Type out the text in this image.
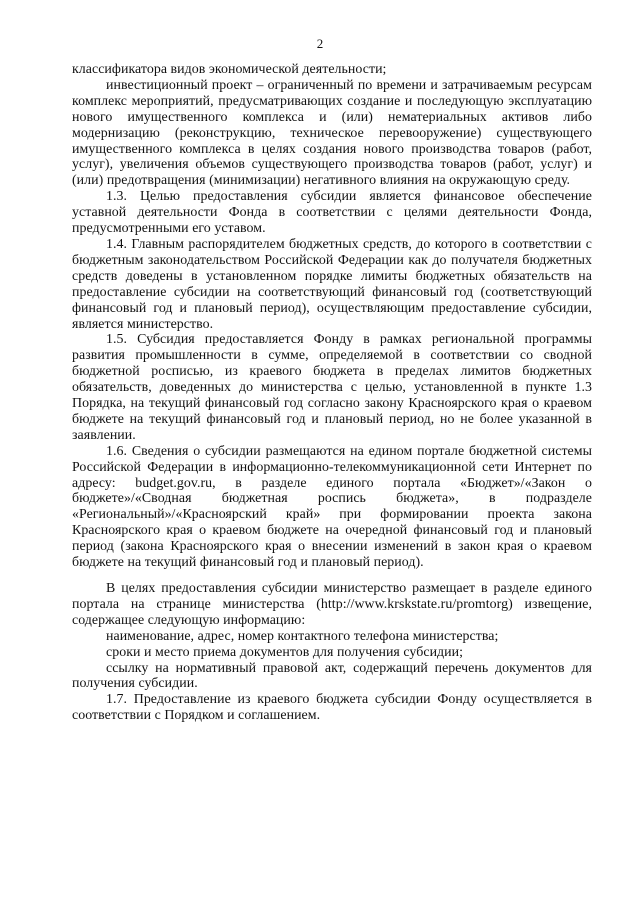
2

классификатора видов экономической деятельности;

инвестиционный проект – ограниченный по времени и затрачиваемым ресурсам комплекс мероприятий, предусматривающих создание и последующую эксплуатацию нового имущественного комплекса и (или) нематериальных активов либо модернизацию (реконструкцию, техническое перевооружение) существующего имущественного комплекса в целях создания нового производства товаров (работ, услуг), увеличения объемов существующего производства товаров (работ, услуг) и (или) предотвращения (минимизации) негативного влияния на окружающую среду.

1.3. Целью предоставления субсидии является финансовое обеспечение уставной деятельности Фонда в соответствии с целями деятельности Фонда, предусмотренными его уставом.

1.4. Главным распорядителем бюджетных средств, до которого в соответствии с бюджетным законодательством Российской Федерации как до получателя бюджетных средств доведены в установленном порядке лимиты бюджетных обязательств на предоставление субсидии на соответствующий финансовый год (соответствующий финансовый год и плановый период), осуществляющим предоставление субсидии, является министерство.

1.5. Субсидия предоставляется Фонду в рамках региональной программы развития промышленности в сумме, определяемой в соответствии со сводной бюджетной росписью, из краевого бюджета в пределах лимитов бюджетных обязательств, доведенных до министерства с целью, установленной в пункте 1.3 Порядка, на текущий финансовый год согласно закону Красноярского края о краевом бюджете на текущий финансовый год и плановый период, но не более указанной в заявлении.

1.6. Сведения о субсидии размещаются на едином портале бюджетной системы Российской Федерации в информационно-телекоммуникационной сети Интернет по адресу: budget.gov.ru, в разделе единого портала «Бюджет»/«Закон о бюджете»/«Сводная бюджетная роспись бюджета», в подразделе «Региональный»/«Красноярский край» при формировании проекта закона Красноярского края о краевом бюджете на очередной финансовый год и плановый период (закона Красноярского края о внесении изменений в закон края о краевом бюджете на текущий финансовый год и плановый период).

В целях предоставления субсидии министерство размещает в разделе единого портала на странице министерства (http://www.krskstate.ru/promtorg) извещение, содержащее следующую информацию:

наименование, адрес, номер контактного телефона министерства;

сроки и место приема документов для получения субсидии;

ссылку на нормативный правовой акт, содержащий перечень документов для получения субсидии.

1.7. Предоставление из краевого бюджета субсидии Фонду осуществляется в соответствии с Порядком и соглашением.
